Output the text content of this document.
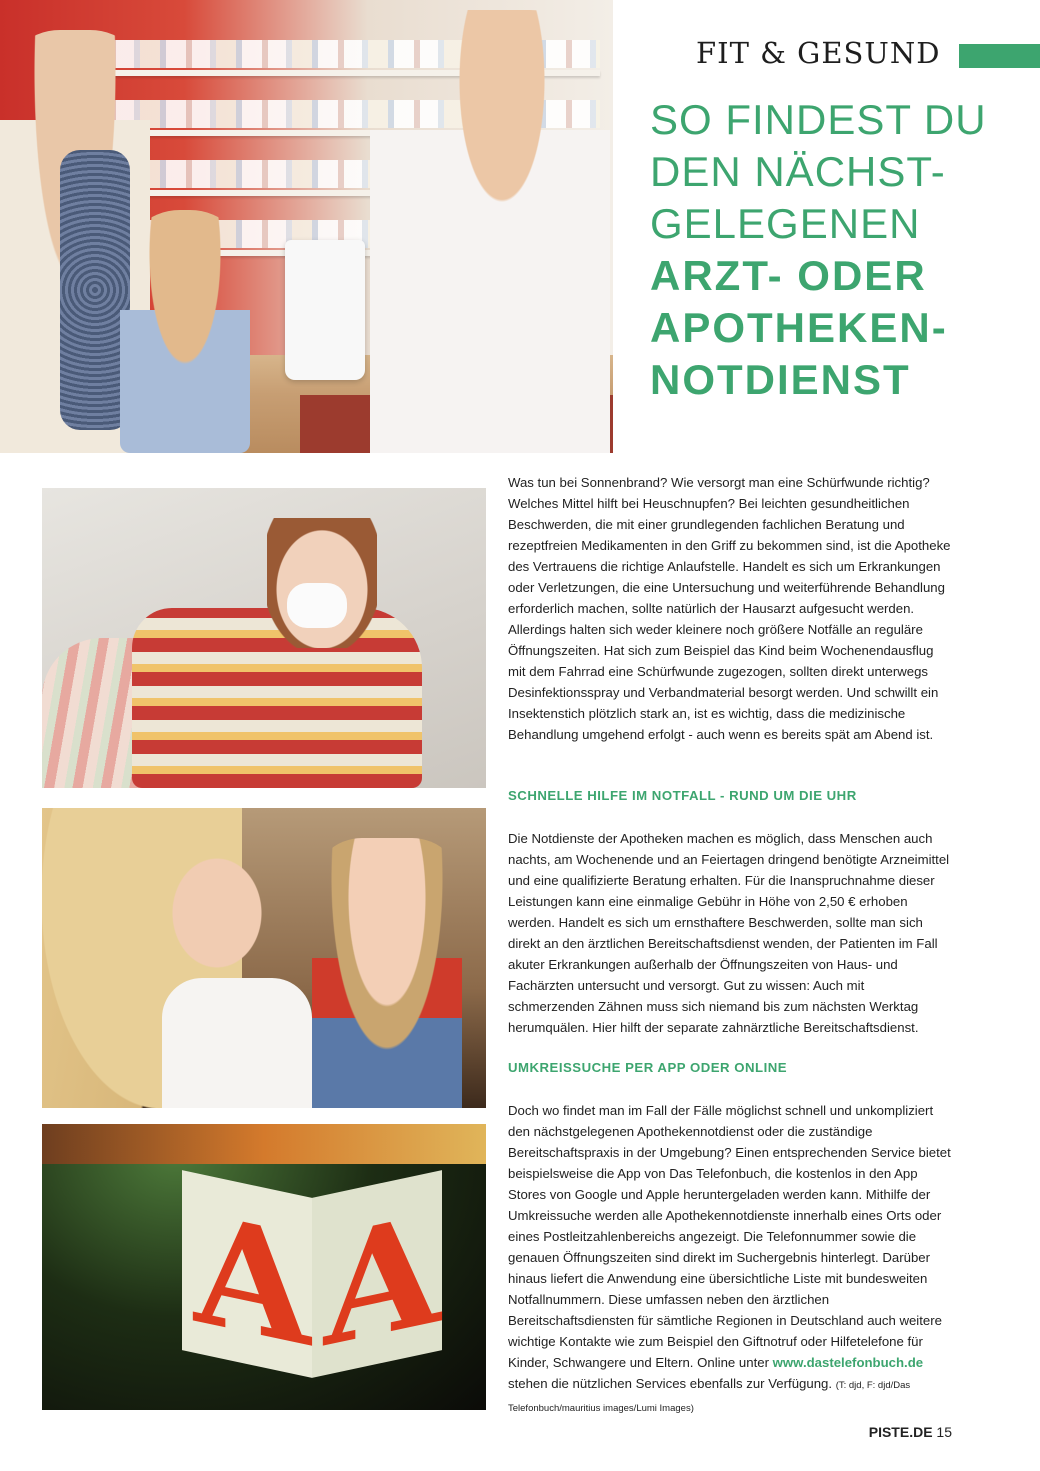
FIT & GESUND
SO FINDEST DU
DEN NÄCHST-
GELEGENEN
ARZT- ODER
APOTHEKEN-
NOTDIENST
A A

Was tun bei Sonnenbrand? Wie versorgt man eine Schürfwunde richtig? Welches Mittel hilft bei Heuschnupfen? Bei leichten gesundheitlichen Beschwerden, die mit einer grundlegenden fachlichen Beratung und rezeptfreien Medikamenten in den Griff zu bekommen sind, ist die Apotheke des Vertrauens die richtige Anlaufstelle. Handelt es sich um Erkrankungen oder Verletzungen, die eine Untersuchung und weiterführende Behandlung erforderlich machen, sollte natürlich der Hausarzt aufgesucht werden. Allerdings halten sich weder kleinere noch größere Notfälle an reguläre Öffnungszeiten. Hat sich zum Beispiel das Kind beim Wochenendausflug mit dem Fahrrad eine Schürfwunde zugezogen, sollten direkt unterwegs Desinfektionsspray und Verbandmaterial besorgt werden. Und schwillt ein Insektenstich plötzlich stark an, ist es wichtig, dass die medizinische Behandlung umgehend erfolgt - auch wenn es bereits spät am Abend ist.

SCHNELLE HILFE IM NOTFALL - RUND UM DIE UHR

Die Notdienste der Apotheken machen es möglich, dass Menschen auch nachts, am Wochenende und an Feiertagen dringend benötigte Arzneimittel und eine qualifizierte Beratung erhalten. Für die Inanspruchnahme dieser Leistungen kann eine einmalige Gebühr in Höhe von 2,50 € erhoben werden. Handelt es sich um ernsthaftere Beschwerden, sollte man sich direkt an den ärztlichen Bereitschaftsdienst wenden, der Patienten im Fall akuter Erkrankungen außerhalb der Öffnungszeiten von Haus- und Fachärzten untersucht und versorgt. Gut zu wissen: Auch mit schmerzenden Zähnen muss sich niemand bis zum nächsten Werktag herumquälen. Hier hilft der separate zahnärztliche Bereitschaftsdienst.

UMKREISSUCHE PER APP ODER ONLINE

Doch wo findet man im Fall der Fälle möglichst schnell und unkompliziert den nächstgelegenen Apothekennotdienst oder die zuständige Bereitschaftspraxis in der Umgebung? Einen entsprechenden Service bietet beispielsweise die App von Das Telefonbuch, die kostenlos in den App Stores von Google und Apple heruntergeladen werden kann. Mithilfe der Umkreissuche werden alle Apothekennotdienste innerhalb eines Orts oder eines Postleitzahlenbereichs angezeigt. Die Telefonnummer sowie die genauen Öffnungszeiten sind direkt im Suchergebnis hinterlegt. Darüber hinaus liefert die Anwendung eine übersichtliche Liste mit bundesweiten Notfallnummern. Diese umfassen neben den ärztlichen Bereitschaftsdiensten für sämtliche Regionen in Deutschland auch weitere wichtige Kontakte wie zum Beispiel den Giftnotruf oder Hilfetelefone für Kinder, Schwangere und Eltern. Online unter www.dastelefonbuch.de stehen die nützlichen Services ebenfalls zur Verfügung. (T: djd, F: djd/Das Telefonbuch/mauritius images/Lumi Images)

PISTE.DE 15
